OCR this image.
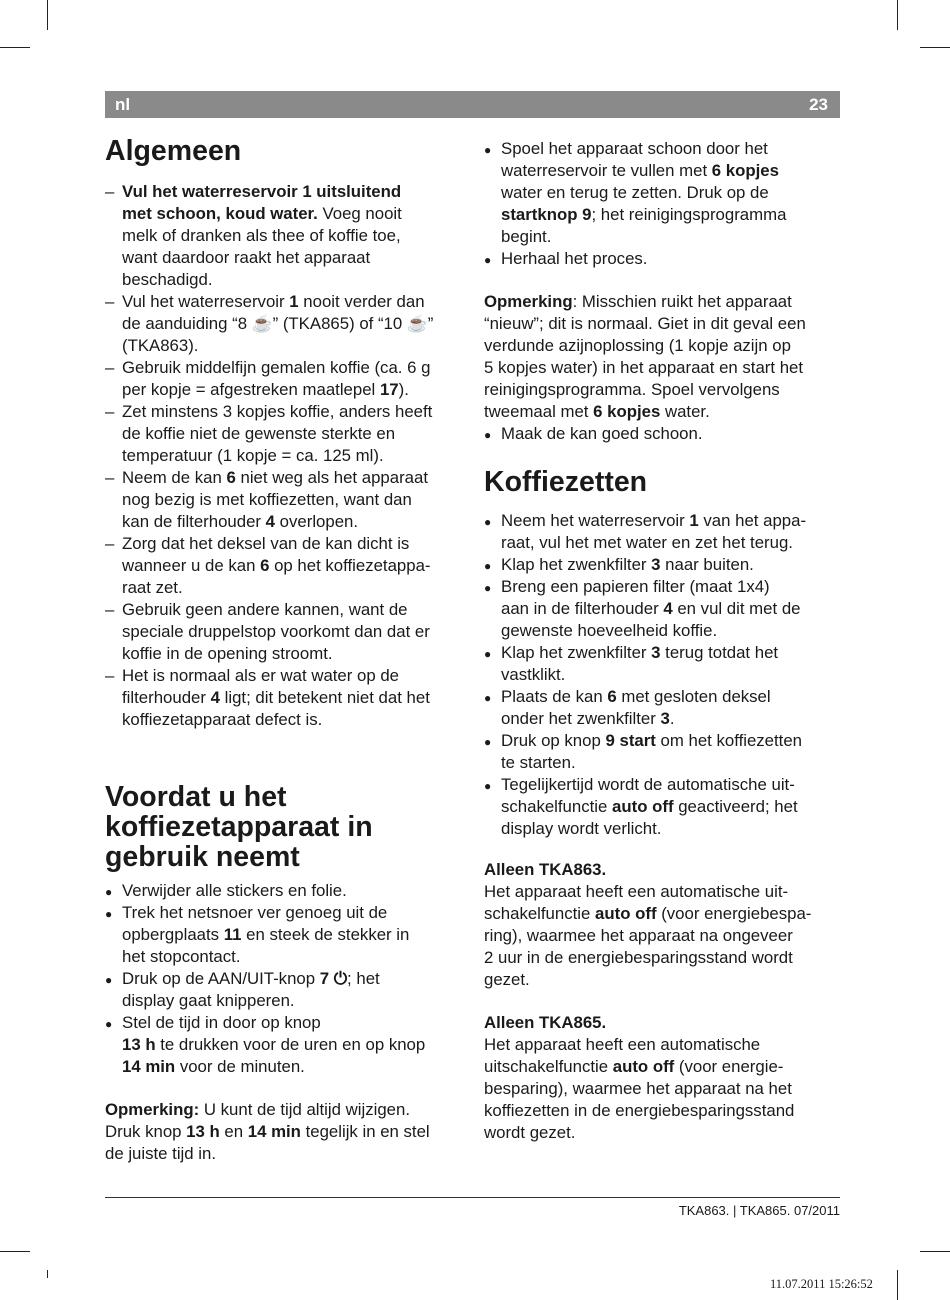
nl	23
Algemeen
– Vul het waterreservoir 1 uitsluitend
met schoon, koud water. Voeg nooit
melk of dranken als thee of koffie toe,
want daardoor raakt het apparaat
beschadigd.
– Vul het waterreservoir 1 nooit verder dan
de aanduiding “8 ☕” (TKA865) of “10 ☕”
(TKA863).
– Gebruik middelfijn gemalen koffie (ca. 6 g
per kopje = afgestreken maatlepel 17).
– Zet minstens 3 kopjes koffie, anders heeft
de koffie niet de gewenste sterkte en
temperatuur (1 kopje = ca. 125 ml).
– Neem de kan 6 niet weg als het apparaat
nog bezig is met koffiezetten, want dan
kan de filterhouder 4 overlopen.
– Zorg dat het deksel van de kan dicht is
wanneer u de kan 6 op het koffiezetappa-
raat zet.
– Gebruik geen andere kannen, want de
speciale druppelstop voorkomt dan dat er
koffie in de opening stroomt.
– Het is normaal als er wat water op de
filterhouder 4 ligt; dit betekent niet dat het
koffiezetapparaat defect is.
Voordat u het
koffiezetapparaat in
gebruik neemt
● Verwijder alle stickers en folie.
● Trek het netsnoer ver genoeg uit de
opbergplaats 11 en steek de stekker in
het stopcontact.
● Druk op de AAN/UIT-knop 7 ⏻; het
display gaat knipperen.
● Stel de tijd in door op knop
13 h te drukken voor de uren en op knop
14 min voor de minuten.
Opmerking: U kunt de tijd altijd wijzigen.
Druk knop 13 h en 14 min tegelijk in en stel
de juiste tijd in.
● Spoel het apparaat schoon door het
waterreservoir te vullen met 6 kopjes
water en terug te zetten. Druk op de
startknop 9; het reinigingsprogramma
begint.
● Herhaal het proces.
Opmerking: Misschien ruikt het apparaat
“nieuw”; dit is normaal. Giet in dit geval een
verdunde azijnoplossing (1 kopje azijn op
5 kopjes water) in het apparaat en start het
reinigingsprogramma. Spoel vervolgens
tweemaal met 6 kopjes water.
● Maak de kan goed schoon.
Koffiezetten
● Neem het waterreservoir 1 van het appa-
raat, vul het met water en zet het terug.
● Klap het zwenkfilter 3 naar buiten.
● Breng een papieren filter (maat 1x4)
aan in de filterhouder 4 en vul dit met de
gewenste hoeveelheid koffie.
● Klap het zwenkfilter 3 terug totdat het
vastklikt.
● Plaats de kan 6 met gesloten deksel
onder het zwenkfilter 3.
● Druk op knop 9 start om het koffiezetten
te starten.
● Tegelijkertijd wordt de automatische uit-
schakelfunctie auto off geactiveerd; het
display wordt verlicht.
Alleen TKA863.
Het apparaat heeft een automatische uit-
schakelfunctie auto off (voor energiebespa-
ring), waarmee het apparaat na ongeveer
2 uur in de energiebesparingsstand wordt
gezet.
Alleen TKA865.
Het apparaat heeft een automatische
uitschakelfunctie auto off (voor energie-
besparing), waarmee het apparaat na het
koffiezetten in de energiebesparingsstand
wordt gezet.
TKA863. | TKA865. 07/2011
11.07.2011 15:26:52
